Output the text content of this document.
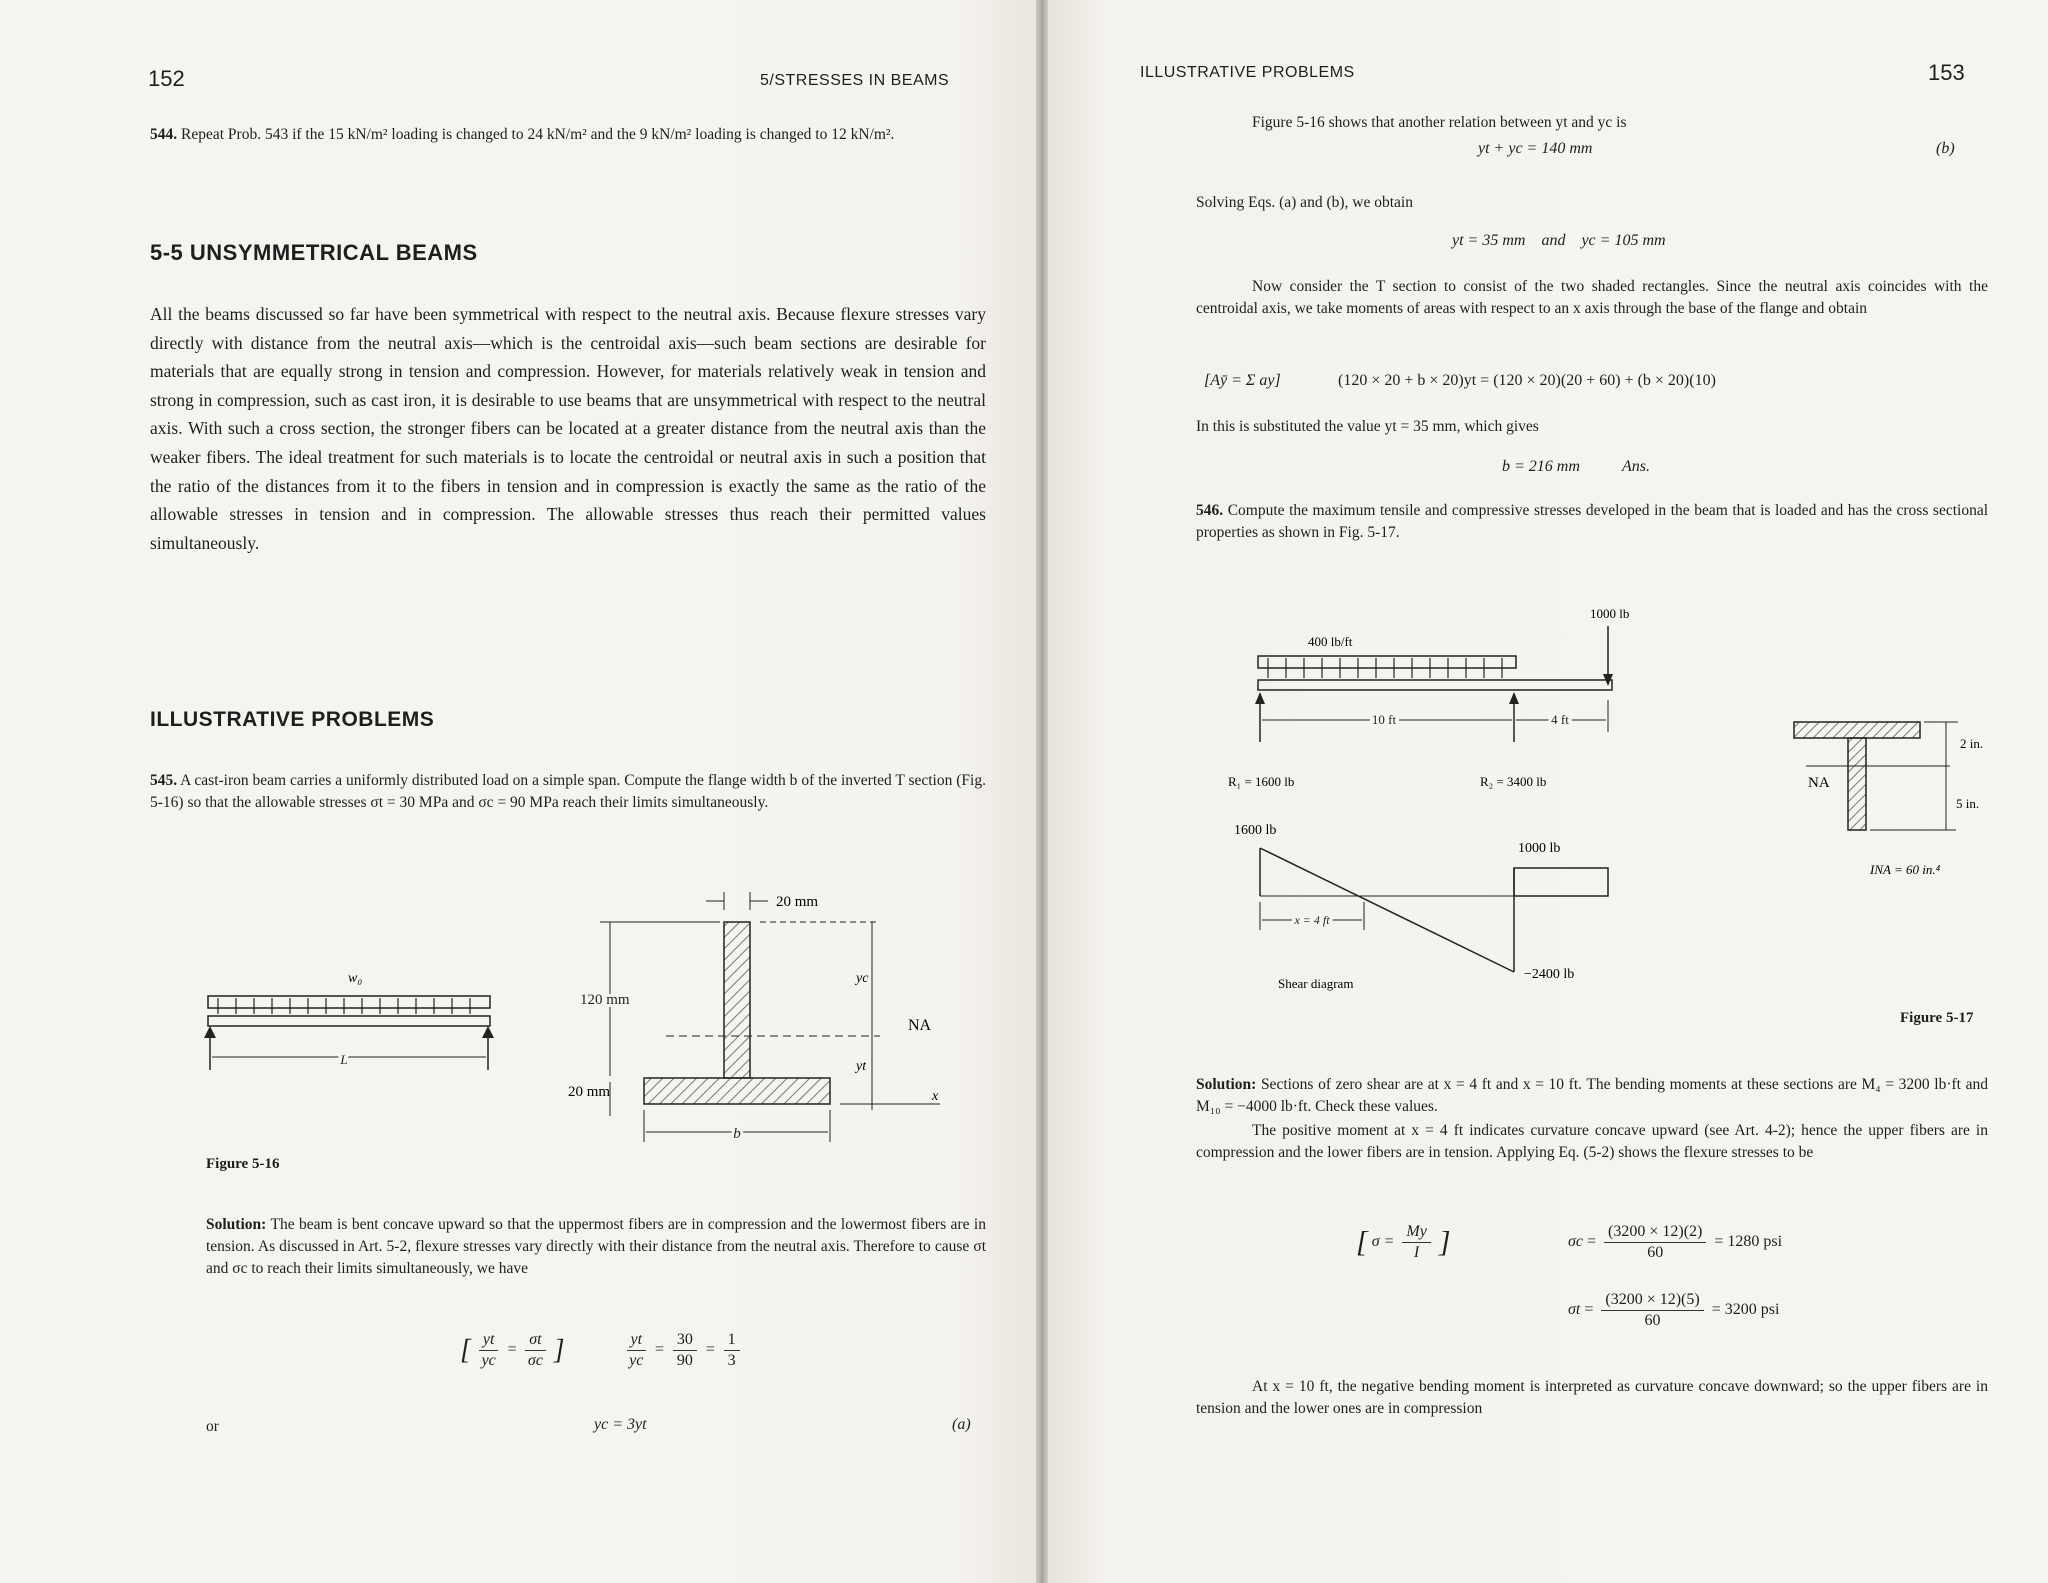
152	5/STRESSES IN BEAMS
544. Repeat Prob. 543 if the 15 kN/m² loading is changed to 24 kN/m² and the 9 kN/m² loading is changed to 12 kN/m².
5-5 UNSYMMETRICAL BEAMS
All the beams discussed so far have been symmetrical with respect to the neutral axis. Because flexure stresses vary directly with distance from the neutral axis—which is the centroidal axis—such beam sections are desirable for materials that are equally strong in tension and compression. However, for materials relatively weak in tension and strong in compression, such as cast iron, it is desirable to use beams that are unsymmetrical with respect to the neutral axis. With such a cross section, the stronger fibers can be located at a greater distance from the neutral axis than the weaker fibers. The ideal treatment for such materials is to locate the centroidal or neutral axis in such a position that the ratio of the distances from it to the fibers in tension and in compression is exactly the same as the ratio of the allowable stresses in tension and in compression. The allowable stresses thus reach their permitted values simultaneously.
ILLUSTRATIVE PROBLEMS
545. A cast-iron beam carries a uniformly distributed load on a simple span. Compute the flange width b of the inverted T section (Fig. 5-16) so that the allowable stresses σt = 30 MPa and σc = 90 MPa reach their limits simultaneously.
w₀
L
20 mm
120 mm
20 mm
yc
yt
NA
x
b
Figure 5-16
Solution: The beam is bent concave upward so that the uppermost fibers are in compression and the lowermost fibers are in tension. As discussed in Art. 5-2, flexure stresses vary directly with their distance from the neutral axis. Therefore to cause σt and σc to reach their limits simultaneously, we have
[ $\frac{yt}{yc} = \frac{\sigma t}{\sigma c}$ ]	$\frac{yt}{yc} = \frac{30}{90} = \frac{1}{3}$
or	yc = 3yt	(a)
ILLUSTRATIVE PROBLEMS	153
Figure 5-16 shows that another relation between yt and yc is
yt + yc = 140 mm	(b)
Solving Eqs. (a) and (b), we obtain
yt = 35 mm    and    yc = 105 mm
Now consider the T section to consist of the two shaded rectangles. Since the neutral axis coincides with the centroidal axis, we take moments of areas with respect to an x axis through the base of the flange and obtain
[Aȳ = Σ ay]	(120 × 20 + b × 20)yt = (120 × 20)(20 + 60) + (b × 20)(10)
In this is substituted the value yt = 35 mm, which gives
b = 216 mm	Ans.
546. Compute the maximum tensile and compressive stresses developed in the beam that is loaded and has the cross sectional properties as shown in Fig. 5-17.
1000 lb
400 lb/ft
10 ft	4 ft
R₁ = 1600 lb	R₂ = 3400 lb
1600 lb
1000 lb
−2400 lb
x = 4 ft
Shear diagram
NA
2 in.
5 in.
INA = 60 in.⁴
Figure 5-17
Solution: Sections of zero shear are at x = 4 ft and x = 10 ft. The bending moments at these sections are M₄ = 3200 lb·ft and M₁₀ = −4000 lb·ft. Check these values.
The positive moment at x = 4 ft indicates curvature concave upward (see Art. 4-2); hence the upper fibers are in compression and the lower fibers are in tension. Applying Eq. (5-2) shows the flexure stresses to be
[ $\sigma = \frac{My}{I}$ ]	$\sigma c = \frac{(3200 \times 12)(2)}{60} = 1280$ psi
$\sigma t = \frac{(3200 \times 12)(5)}{60} = 3200$ psi
At x = 10 ft, the negative bending moment is interpreted as curvature concave downward; so the upper fibers are in tension and the lower ones are in compression
